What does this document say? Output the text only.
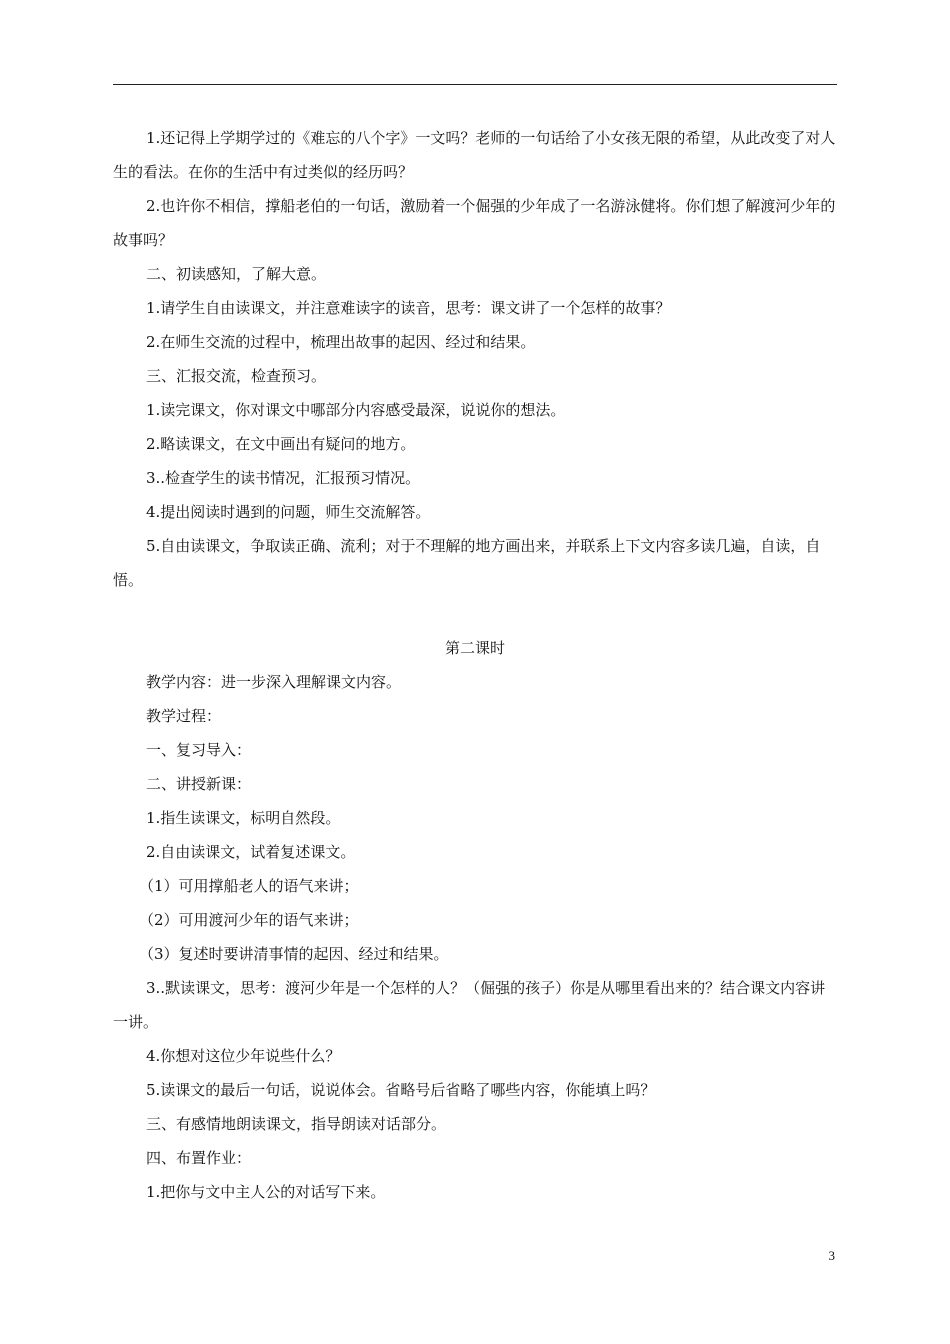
1.还记得上学期学过的《难忘的八个字》一文吗？老师的一句话给了小女孩无限的希望，从此改变了对人生的看法。在你的生活中有过类似的经历吗？

2.也许你不相信，撑船老伯的一句话，激励着一个倔强的少年成了一名游泳健将。你们想了解渡河少年的故事吗？

二、初读感知，了解大意。

1.请学生自由读课文，并注意难读字的读音，思考：课文讲了一个怎样的故事？

2.在师生交流的过程中，梳理出故事的起因、经过和结果。

三、汇报交流，检查预习。

1.读完课文，你对课文中哪部分内容感受最深，说说你的想法。

2.略读课文，在文中画出有疑问的地方。

3..检查学生的读书情况，汇报预习情况。

4.提出阅读时遇到的问题，师生交流解答。

5.自由读课文，争取读正确、流利；对于不理解的地方画出来，并联系上下文内容多读几遍，自读，自悟。

第二课时

教学内容：进一步深入理解课文内容。

教学过程：

一、复习导入：

二、讲授新课：

1.指生读课文，标明自然段。

2.自由读课文，试着复述课文。

（1）可用撑船老人的语气来讲；

（2）可用渡河少年的语气来讲；

（3）复述时要讲清事情的起因、经过和结果。

3..默读课文，思考：渡河少年是一个怎样的人？（倔强的孩子）你是从哪里看出来的？结合课文内容讲一讲。

4.你想对这位少年说些什么？

5.读课文的最后一句话，说说体会。省略号后省略了哪些内容，你能填上吗？

三、有感情地朗读课文，指导朗读对话部分。

四、布置作业：

1.把你与文中主人公的对话写下来。

3
